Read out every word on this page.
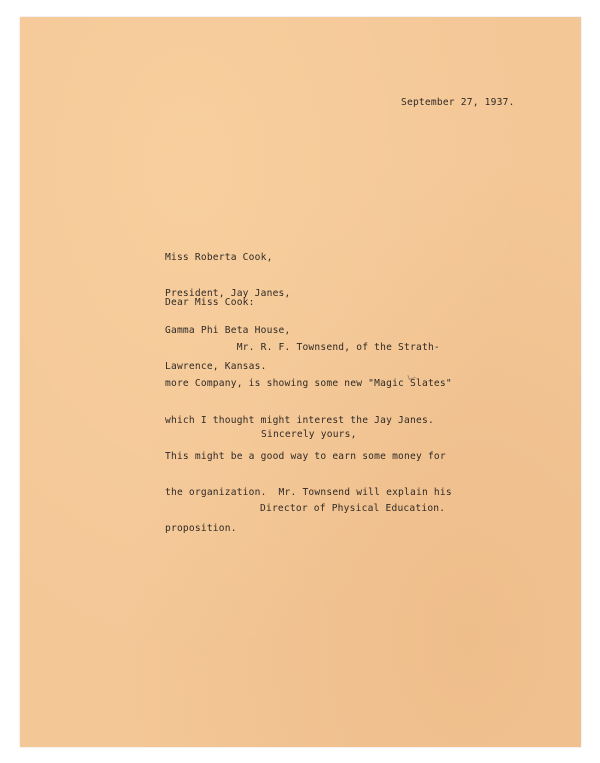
September 27, 1937.

Miss Roberta Cook,

President, Jay Janes,

Gamma Phi Beta House,

Lawrence, Kansas.

Dear Miss Cook:

Mr. R. F. Townsend, of the Strath-

more Company, is showing some new "Magic Slates"

which I thought might interest the Jay Janes.

This might be a good way to earn some money for

the organization.  Mr. Townsend will explain his

proposition.

Sincerely yours,
Director of Physical Education.
